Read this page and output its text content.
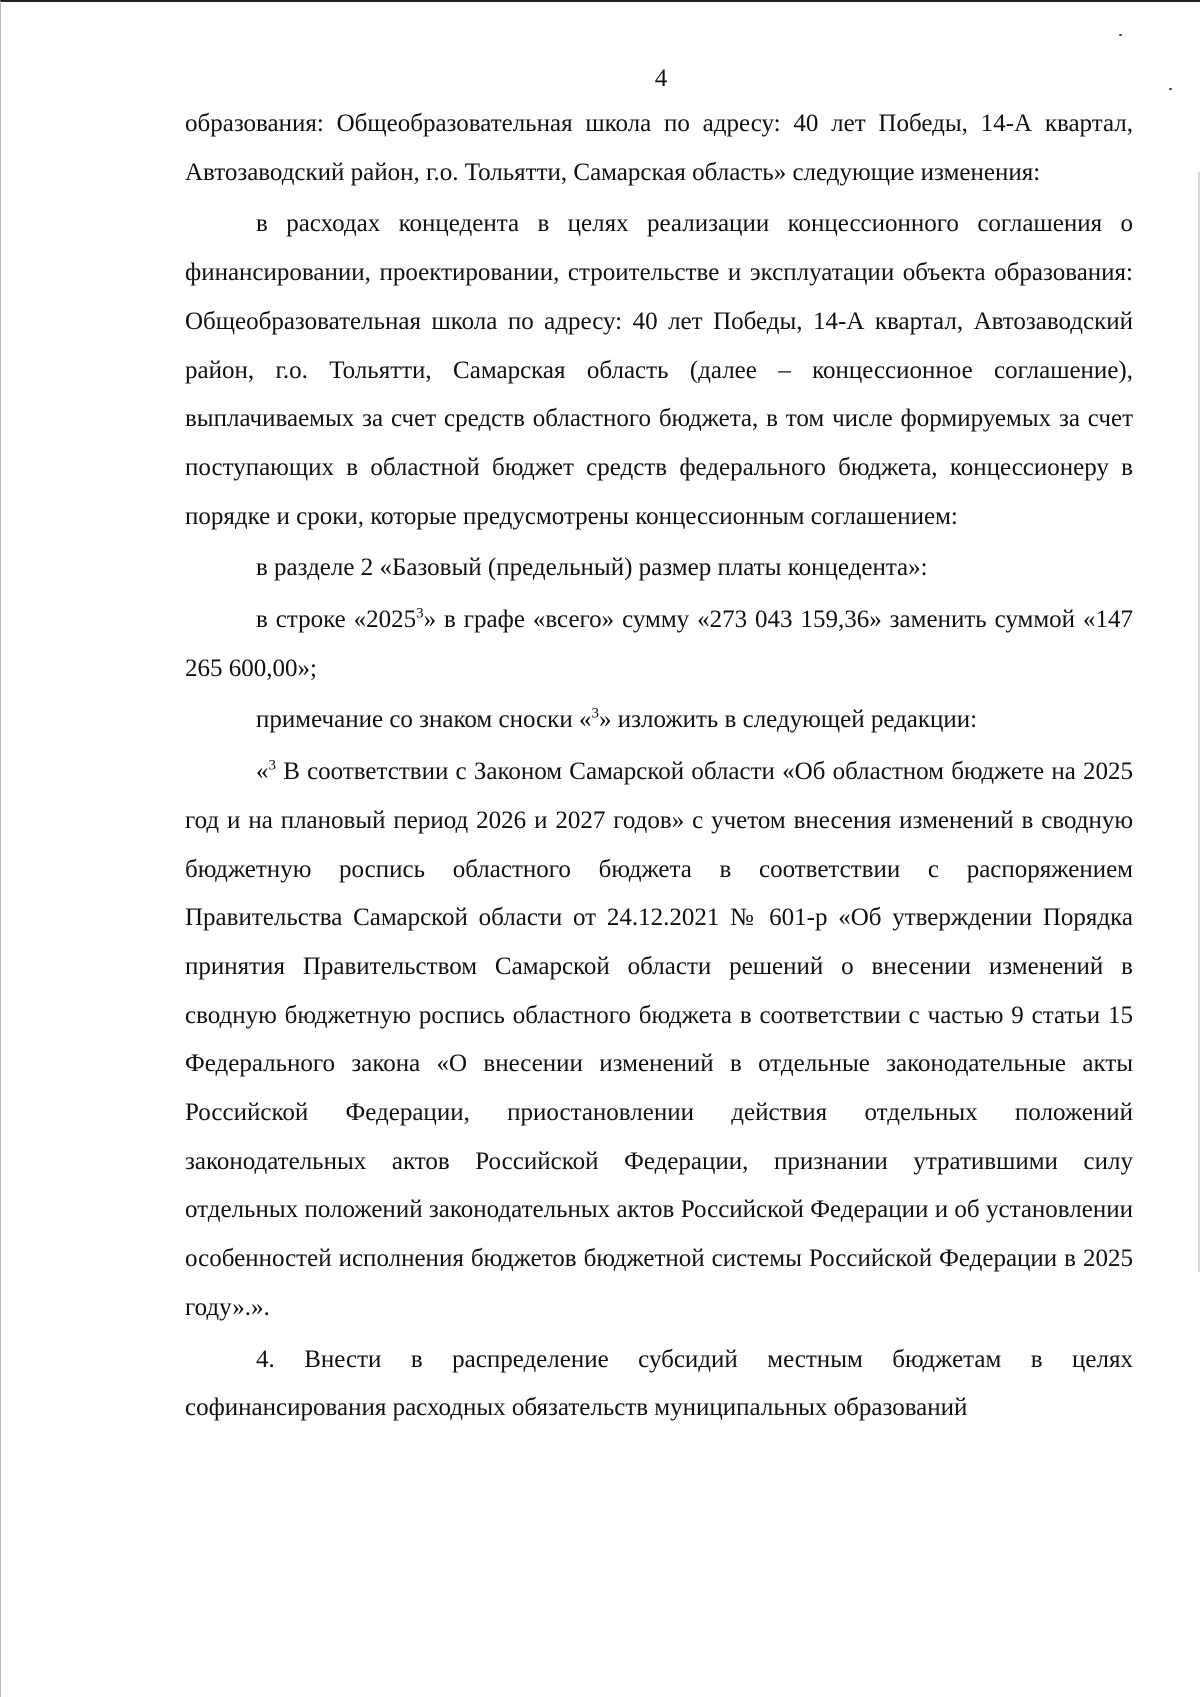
4

образования: Общеобразовательная школа по адресу: 40 лет Победы, 14-А квартал, Автозаводский район, г.о. Тольятти, Самарская область» следующие изменения:

в расходах концедента в целях реализации концессионного соглашения о финансировании, проектировании, строительстве и эксплуатации объекта образования: Общеобразовательная школа по адресу: 40 лет Победы, 14-А квартал, Автозаводский район, г.о. Тольятти, Самарская область (далее – концессионное соглашение), выплачиваемых за счет средств областного бюджета, в том числе формируемых за счет поступающих в областной бюджет средств федерального бюджета, концессионеру в порядке и сроки, которые предусмотрены концессионным соглашением:

в разделе 2 «Базовый (предельный) размер платы концедента»:

в строке «2025$^3$» в графе «всего» сумму «273 043 159,36» заменить суммой «147 265 600,00»;

примечание со знаком сноски «$^3$» изложить в следующей редакции:

«$^3$ В соответствии с Законом Самарской области «Об областном бюджете на 2025 год и на плановый период 2026 и 2027 годов» с учетом внесения изменений в сводную бюджетную роспись областного бюджета в соответствии с распоряжением Правительства Самарской области от 24.12.2021 № 601-р «Об утверждении Порядка принятия Правительством Самарской области решений о внесении изменений в сводную бюджетную роспись областного бюджета в соответствии с частью 9 статьи 15 Федерального закона «О внесении изменений в отдельные законодательные акты Российской Федерации, приостановлении действия отдельных положений законодательных актов Российской Федерации, признании утратившими силу отдельных положений законодательных актов Российской Федерации и об установлении особенностей исполнения бюджетов бюджетной системы Российской Федерации в 2025 году».».

4. Внести в распределение субсидий местным бюджетам в целях софинансирования расходных обязательств муниципальных образований
